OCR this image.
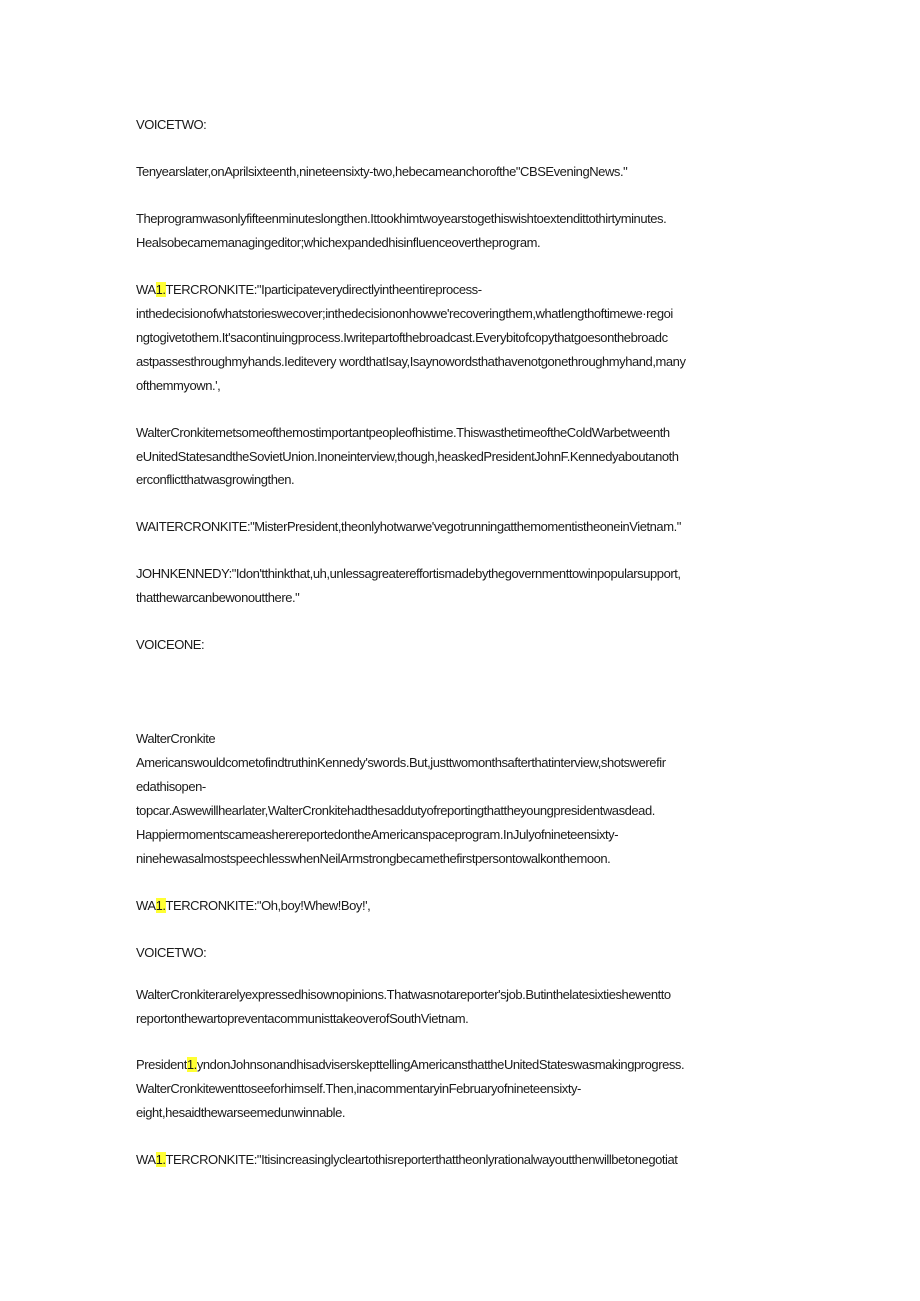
VOICETWO:
Tenyearslater,onAprilsixteenth,nineteensixty-two,hebecameanchorofthe"CBSEveningNews."
Theprogramwasonlyfifteenminuteslongthen.Ittookhimtwoyearstogethiswishtoextendittothirtyminutes.
Healsobecamemanagingeditor;whichexpandedhisinfluenceovertheprogram.
WA1.TERCRONKITE:"Iparticipateverydirectlyintheentireprocess-
inthedecisionofwhatstorieswecover;inthedecisiononhowwe'recoveringthem,whatlengthoftimewe·regoi
ngtogivetothem.It'sacontinuingprocess.Iwritepartofthebroadcast.Everybitofcopythatgoesonthebroadc
astpassesthroughmyhands.Ieditevery wordthatIsay,Isaynowordsthathavenotgonethroughmyhand,many
ofthemmyown.',
WalterCronkitemetsomeofthemostimportantpeopleofhistime.ThiswasthetimeoftheColdWarbetweenth
eUnitedStatesandtheSovietUnion.Inoneinterview,though,heaskedPresidentJohnF.Kennedyaboutanoth
erconflictthatwasgrowingthen.
WAITERCRONKITE:"MisterPresident,theonlyhotwarwe'vegotrunningatthemomentistheoneinVietnam."
JOHNKENNEDY:"Idon'tthinkthat,uh,unlessagreatereffortismadebythegovernmenttowinpopularsupport,
thatthewarcanbewonoutthere."
VOICEONE:
WalterCronkite
AmericanswouldcometofindtruthinKennedy'swords.But,justtwomonthsafterthatinterview,shotswerefir
edathisopen-
topcar.Aswewillhearlater,WalterCronkitehadthesaddutyofreportingthattheyoungpresidentwasdead.
HappiermomentscameasherereportedontheAmericanspaceprogram.InJulyofnineteensixty-
ninehewasalmostspeechlesswhenNeilArmstrongbecamethefirstpersontowalkonthemoon.
WA1.TERCRONKITE:"Oh,boy!Whew!Boy!',
VOICETWO:
WalterCronkiterarelyexpressedhisownopinions.Thatwasnotareporter'sjob.Butinthelatesixtieshewentto
reportonthewartopreventacommunisttakeoverofSouthVietnam.
President1.yndonJohnsonandhisadviserskepttellingAmericansthattheUnitedStateswasmakingprogress.
WalterCronkitewenttoseeforhimself.Then,inacommentaryinFebruaryofnineteensixty-
eight,hesaidthewarseemedunwinnable.
WA1.TERCRONKITE:"Itisincreasinglycleartothisreporterthattheonlyrationalwayoutthenwillbetonegotiat
